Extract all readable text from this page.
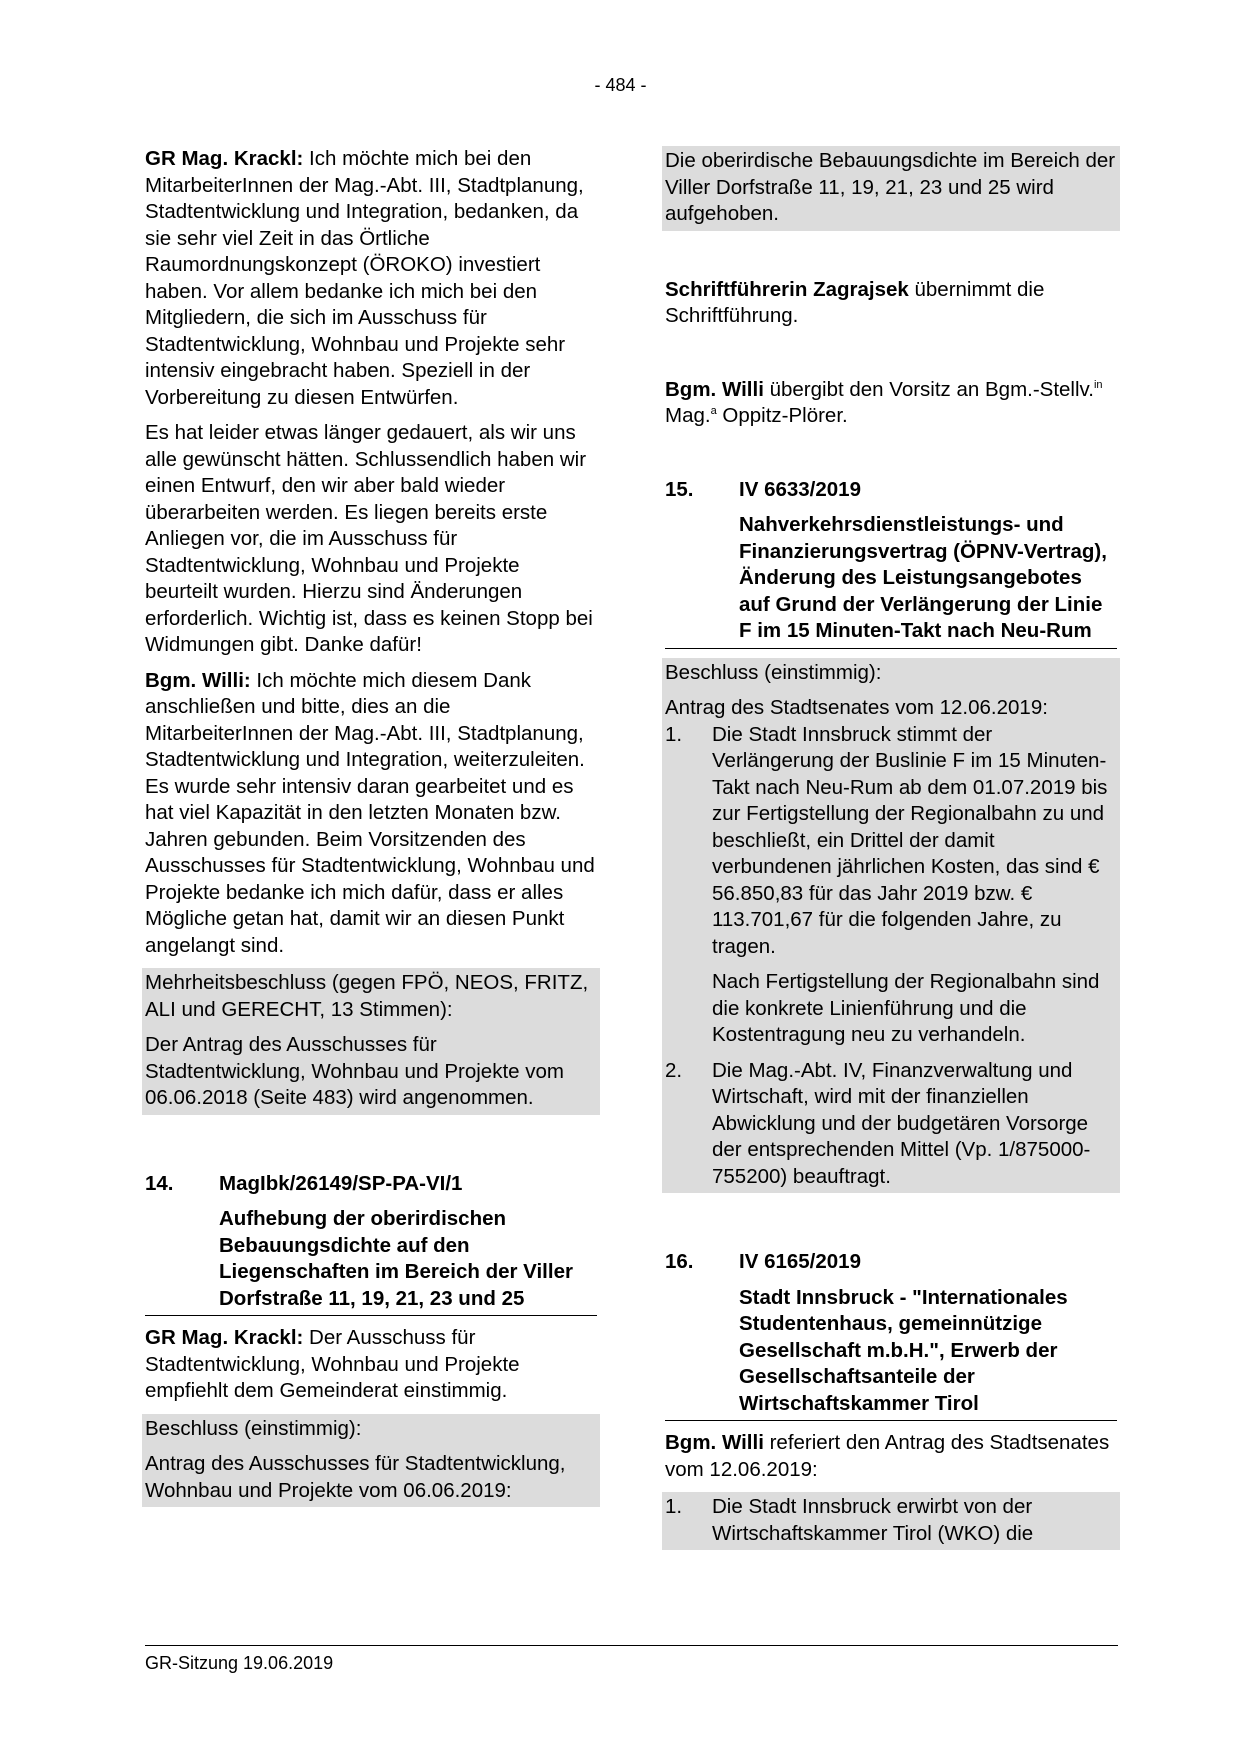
- 484 -

GR Mag. Krackl: Ich möchte mich bei den MitarbeiterInnen der Mag.-Abt. III, Stadtplanung, Stadtentwicklung und Integration, bedanken, da sie sehr viel Zeit in das Örtliche Raumordnungskonzept (ÖROKO) investiert haben. Vor allem bedanke ich mich bei den Mitgliedern, die sich im Ausschuss für Stadtentwicklung, Wohnbau und Projekte sehr intensiv eingebracht haben. Speziell in der Vorbereitung zu diesen Entwürfen.

Es hat leider etwas länger gedauert, als wir uns alle gewünscht hätten. Schlussendlich haben wir einen Entwurf, den wir aber bald wieder überarbeiten werden. Es liegen bereits erste Anliegen vor, die im Ausschuss für Stadtentwicklung, Wohnbau und Projekte beurteilt wurden. Hierzu sind Änderungen erforderlich. Wichtig ist, dass es keinen Stopp bei Widmungen gibt. Danke dafür!

Bgm. Willi: Ich möchte mich diesem Dank anschließen und bitte, dies an die MitarbeiterInnen der Mag.-Abt. III, Stadtplanung, Stadtentwicklung und Integration, weiterzuleiten. Es wurde sehr intensiv daran gearbeitet und es hat viel Kapazität in den letzten Monaten bzw. Jahren gebunden. Beim Vorsitzenden des Ausschusses für Stadtentwicklung, Wohnbau und Projekte bedanke ich mich dafür, dass er alles Mögliche getan hat, damit wir an diesen Punkt angelangt sind.

Mehrheitsbeschluss (gegen FPÖ, NEOS, FRITZ, ALI und GERECHT, 13 Stimmen):

Der Antrag des Ausschusses für Stadtentwicklung, Wohnbau und Projekte vom 06.06.2018 (Seite 483) wird angenommen.

14.	MagIbk/26149/SP-PA-VI/1
Aufhebung der oberirdischen Bebauungsdichte auf den Liegenschaften im Bereich der Viller Dorfstraße 11, 19, 21, 23 und 25

GR Mag. Krackl: Der Ausschuss für Stadtentwicklung, Wohnbau und Projekte empfiehlt dem Gemeinderat einstimmig.

Beschluss (einstimmig):

Antrag des Ausschusses für Stadtentwicklung, Wohnbau und Projekte vom 06.06.2019:

Die oberirdische Bebauungsdichte im Bereich der Viller Dorfstraße 11, 19, 21, 23 und 25 wird aufgehoben.

Schriftführerin Zagrajsek übernimmt die Schriftführung.

Bgm. Willi übergibt den Vorsitz an Bgm.-Stellv.$^{in}$ Mag.$^a$ Oppitz-Plörer.

15.	IV 6633/2019
Nahverkehrsdienstleistungs- und Finanzierungsvertrag (ÖPNV-Vertrag), Änderung des Leistungsangebotes auf Grund der Verlängerung der Linie F im 15 Minuten-Takt nach Neu-Rum

Beschluss (einstimmig):

Antrag des Stadtsenates vom 12.06.2019:

1.	Die Stadt Innsbruck stimmt der Verlängerung der Buslinie F im 15 Minuten-Takt nach Neu-Rum ab dem 01.07.2019 bis zur Fertigstellung der Regionalbahn zu und beschließt, ein Drittel der damit verbundenen jährlichen Kosten, das sind € 56.850,83 für das Jahr 2019 bzw. € 113.701,67 für die folgenden Jahre, zu tragen.

Nach Fertigstellung der Regionalbahn sind die konkrete Linienführung und die Kostentragung neu zu verhandeln.

2.	Die Mag.-Abt. IV, Finanzverwaltung und Wirtschaft, wird mit der finanziellen Abwicklung und der budgetären Vorsorge der entsprechenden Mittel (Vp. 1/875000-755200) beauftragt.

16.	IV 6165/2019
Stadt Innsbruck - "Internationales Studentenhaus, gemeinnützige Gesellschaft m.b.H.", Erwerb der Gesellschaftsanteile der Wirtschaftskammer Tirol

Bgm. Willi referiert den Antrag des Stadtsenates vom 12.06.2019:

1.	Die Stadt Innsbruck erwirbt von der Wirtschaftskammer Tirol (WKO) die

GR-Sitzung 19.06.2019
